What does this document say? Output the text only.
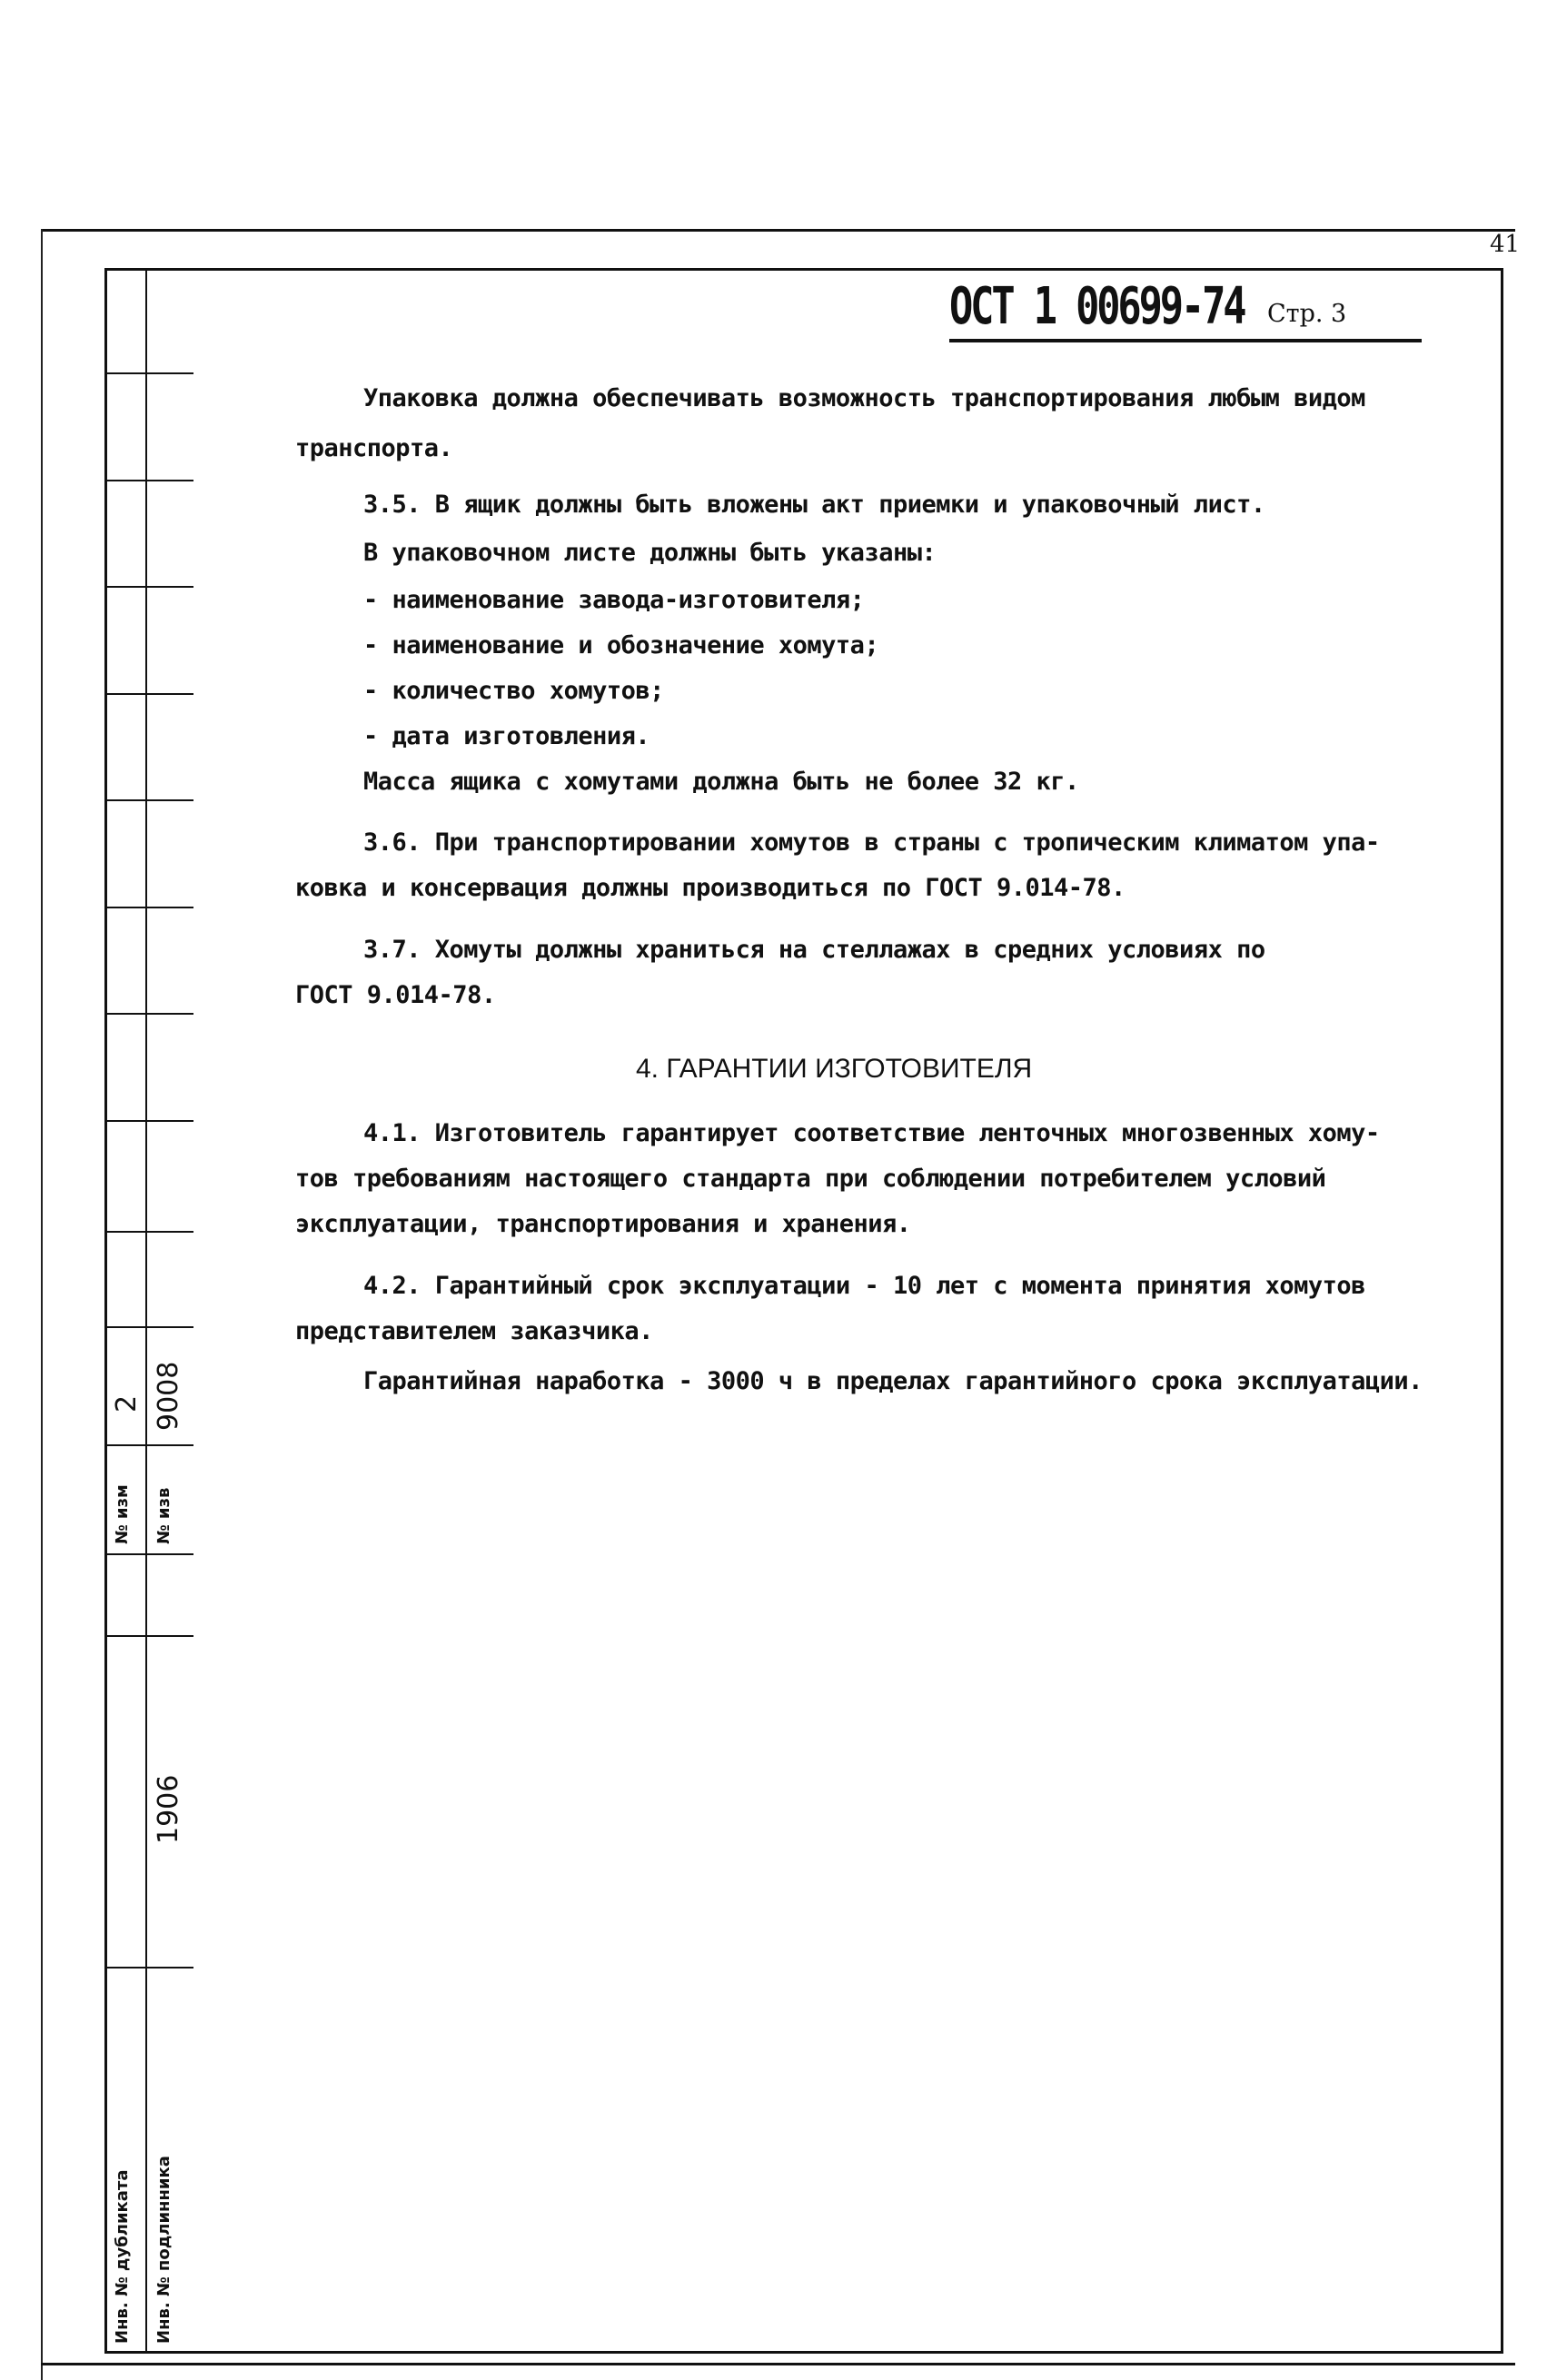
41
2 9008
№ изм № изв
1906
Инв. № дубликата Инв. № подлинника
ОСТ 1 00699-74 Стр. 3
Упаковка должна обеспечивать возможность транспортирования любым видом
транспорта.
3.5. В ящик должны быть вложены акт приемки и упаковочный лист.
В упаковочном листе должны быть указаны:
- наименование завода-изготовителя;
- наименование и обозначение хомута;
- количество хомутов;
- дата изготовления.
Масса ящика с хомутами должна быть не более 32 кг.
3.6. При транспортировании хомутов в страны с тропическим климатом упа-
ковка и консервация должны производиться по ГОСТ 9.014-78.
3.7. Хомуты должны храниться на стеллажах в средних условиях по
ГОСТ 9.014-78.
4. ГАРАНТИИ ИЗГОТОВИТЕЛЯ
4.1. Изготовитель гарантирует соответствие ленточных многозвенных хому-
тов требованиям настоящего стандарта при соблюдении потребителем условий
эксплуатации, транспортирования и хранения.
4.2. Гарантийный срок эксплуатации - 10 лет с момента принятия хомутов
представителем заказчика.
Гарантийная наработка - 3000 ч в пределах гарантийного срока эксплуатации.
